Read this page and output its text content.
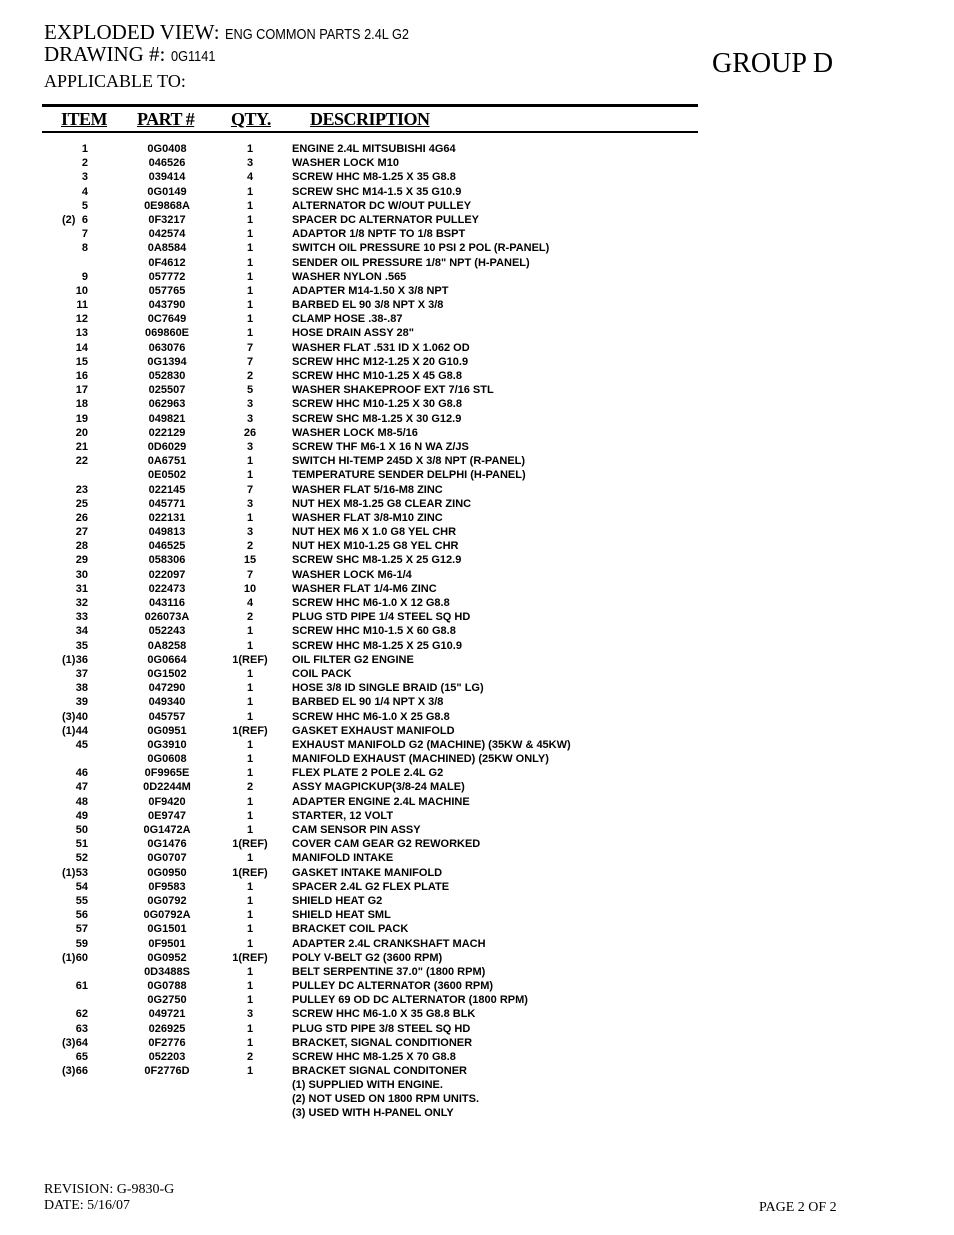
EXPLODED VIEW: ENG COMMON PARTS 2.4L G2
DRAWING #: 0G1141
APPLICABLE TO:
GROUP D
ITEM PART # QTY. DESCRIPTION
1	0G0408	1	ENGINE 2.4L MITSUBISHI 4G64
2	046526	3	WASHER LOCK M10
3	039414	4	SCREW HHC M8-1.25 X 35 G8.8
4	0G0149	1	SCREW SHC M14-1.5 X 35 G10.9
5	0E9868A	1	ALTERNATOR DC W/OUT PULLEY
(2) 6	0F3217	1	SPACER DC ALTERNATOR PULLEY
7	042574	1	ADAPTOR 1/8 NPTF TO 1/8 BSPT
8	0A8584	1	SWITCH OIL PRESSURE 10 PSI 2 POL (R-PANEL)
0F4612	1	SENDER OIL PRESSURE 1/8" NPT (H-PANEL)
9	057772	1	WASHER NYLON .565
10	057765	1	ADAPTER M14-1.50 X 3/8 NPT
11	043790	1	BARBED EL 90 3/8 NPT X 3/8
12	0C7649	1	CLAMP HOSE .38-.87
13	069860E	1	HOSE DRAIN ASSY 28"
14	063076	7	WASHER FLAT .531 ID X 1.062 OD
15	0G1394	7	SCREW HHC M12-1.25 X 20 G10.9
16	052830	2	SCREW HHC M10-1.25 X 45 G8.8
17	025507	5	WASHER SHAKEPROOF EXT 7/16 STL
18	062963	3	SCREW HHC M10-1.25 X 30 G8.8
19	049821	3	SCREW SHC M8-1.25 X 30 G12.9
20	022129	26	WASHER LOCK M8-5/16
21	0D6029	3	SCREW THF M6-1 X 16 N WA Z/JS
22	0A6751	1	SWITCH HI-TEMP 245D X 3/8 NPT (R-PANEL)
0E0502	1	TEMPERATURE SENDER DELPHI (H-PANEL)
23	022145	7	WASHER FLAT 5/16-M8 ZINC
25	045771	3	NUT HEX M8-1.25 G8 CLEAR ZINC
26	022131	1	WASHER FLAT 3/8-M10 ZINC
27	049813	3	NUT HEX M6 X 1.0 G8 YEL CHR
28	046525	2	NUT HEX M10-1.25 G8 YEL CHR
29	058306	15	SCREW SHC M8-1.25 X 25 G12.9
30	022097	7	WASHER LOCK M6-1/4
31	022473	10	WASHER FLAT 1/4-M6 ZINC
32	043116	4	SCREW HHC M6-1.0 X 12 G8.8
33	026073A	2	PLUG STD PIPE 1/4 STEEL SQ HD
34	052243	1	SCREW HHC M10-1.5 X 60 G8.8
35	0A8258	1	SCREW HHC M8-1.25 X 25 G10.9
(1) 36	0G0664	1(REF) OIL FILTER G2 ENGINE
37	0G1502	1	COIL PACK
38	047290	1	HOSE 3/8 ID SINGLE BRAID (15" LG)
39	049340	1	BARBED EL 90 1/4 NPT X 3/8
(3) 40	045757	1	SCREW HHC M6-1.0 X 25 G8.8
(1) 44	0G0951	1(REF) GASKET EXHAUST MANIFOLD
45	0G3910	1	EXHAUST MANIFOLD G2 (MACHINE) (35KW & 45KW)
0G0608	1	MANIFOLD EXHAUST (MACHINED) (25KW ONLY)
46	0F9965E	1	FLEX PLATE 2 POLE 2.4L G2
47	0D2244M	2	ASSY MAGPICKUP(3/8-24 MALE)
48	0F9420	1	ADAPTER ENGINE 2.4L MACHINE
49	0E9747	1	STARTER, 12 VOLT
50	0G1472A	1	CAM SENSOR PIN ASSY
51	0G1476	1(REF) COVER CAM GEAR G2 REWORKED
52	0G0707	1	MANIFOLD INTAKE
(1) 53	0G0950	1(REF) GASKET INTAKE MANIFOLD
54	0F9583	1	SPACER 2.4L G2 FLEX PLATE
55	0G0792	1	SHIELD HEAT G2
56	0G0792A	1	SHIELD HEAT SML
57	0G1501	1	BRACKET COIL PACK
59	0F9501	1	ADAPTER 2.4L CRANKSHAFT MACH
(1) 60	0G0952	1(REF) POLY V-BELT G2 (3600 RPM)
0D3488S	1	BELT SERPENTINE 37.0" (1800 RPM)
61	0G0788	1	PULLEY DC ALTERNATOR (3600 RPM)
0G2750	1	PULLEY 69 OD DC ALTERNATOR (1800 RPM)
62	049721	3	SCREW HHC M6-1.0 X 35 G8.8 BLK
63	026925	1	PLUG STD PIPE 3/8 STEEL SQ HD
(3) 64	0F2776	1	BRACKET, SIGNAL CONDITIONER
65	052203	2	SCREW HHC M8-1.25 X 70 G8.8
(3) 66	0F2776D	1	BRACKET SIGNAL CONDITONER
(1) SUPPLIED WITH ENGINE.
(2) NOT USED ON 1800 RPM UNITS.
(3) USED WITH H-PANEL ONLY
REVISION: G-9830-G
DATE: 5/16/07	PAGE 2 OF 2
